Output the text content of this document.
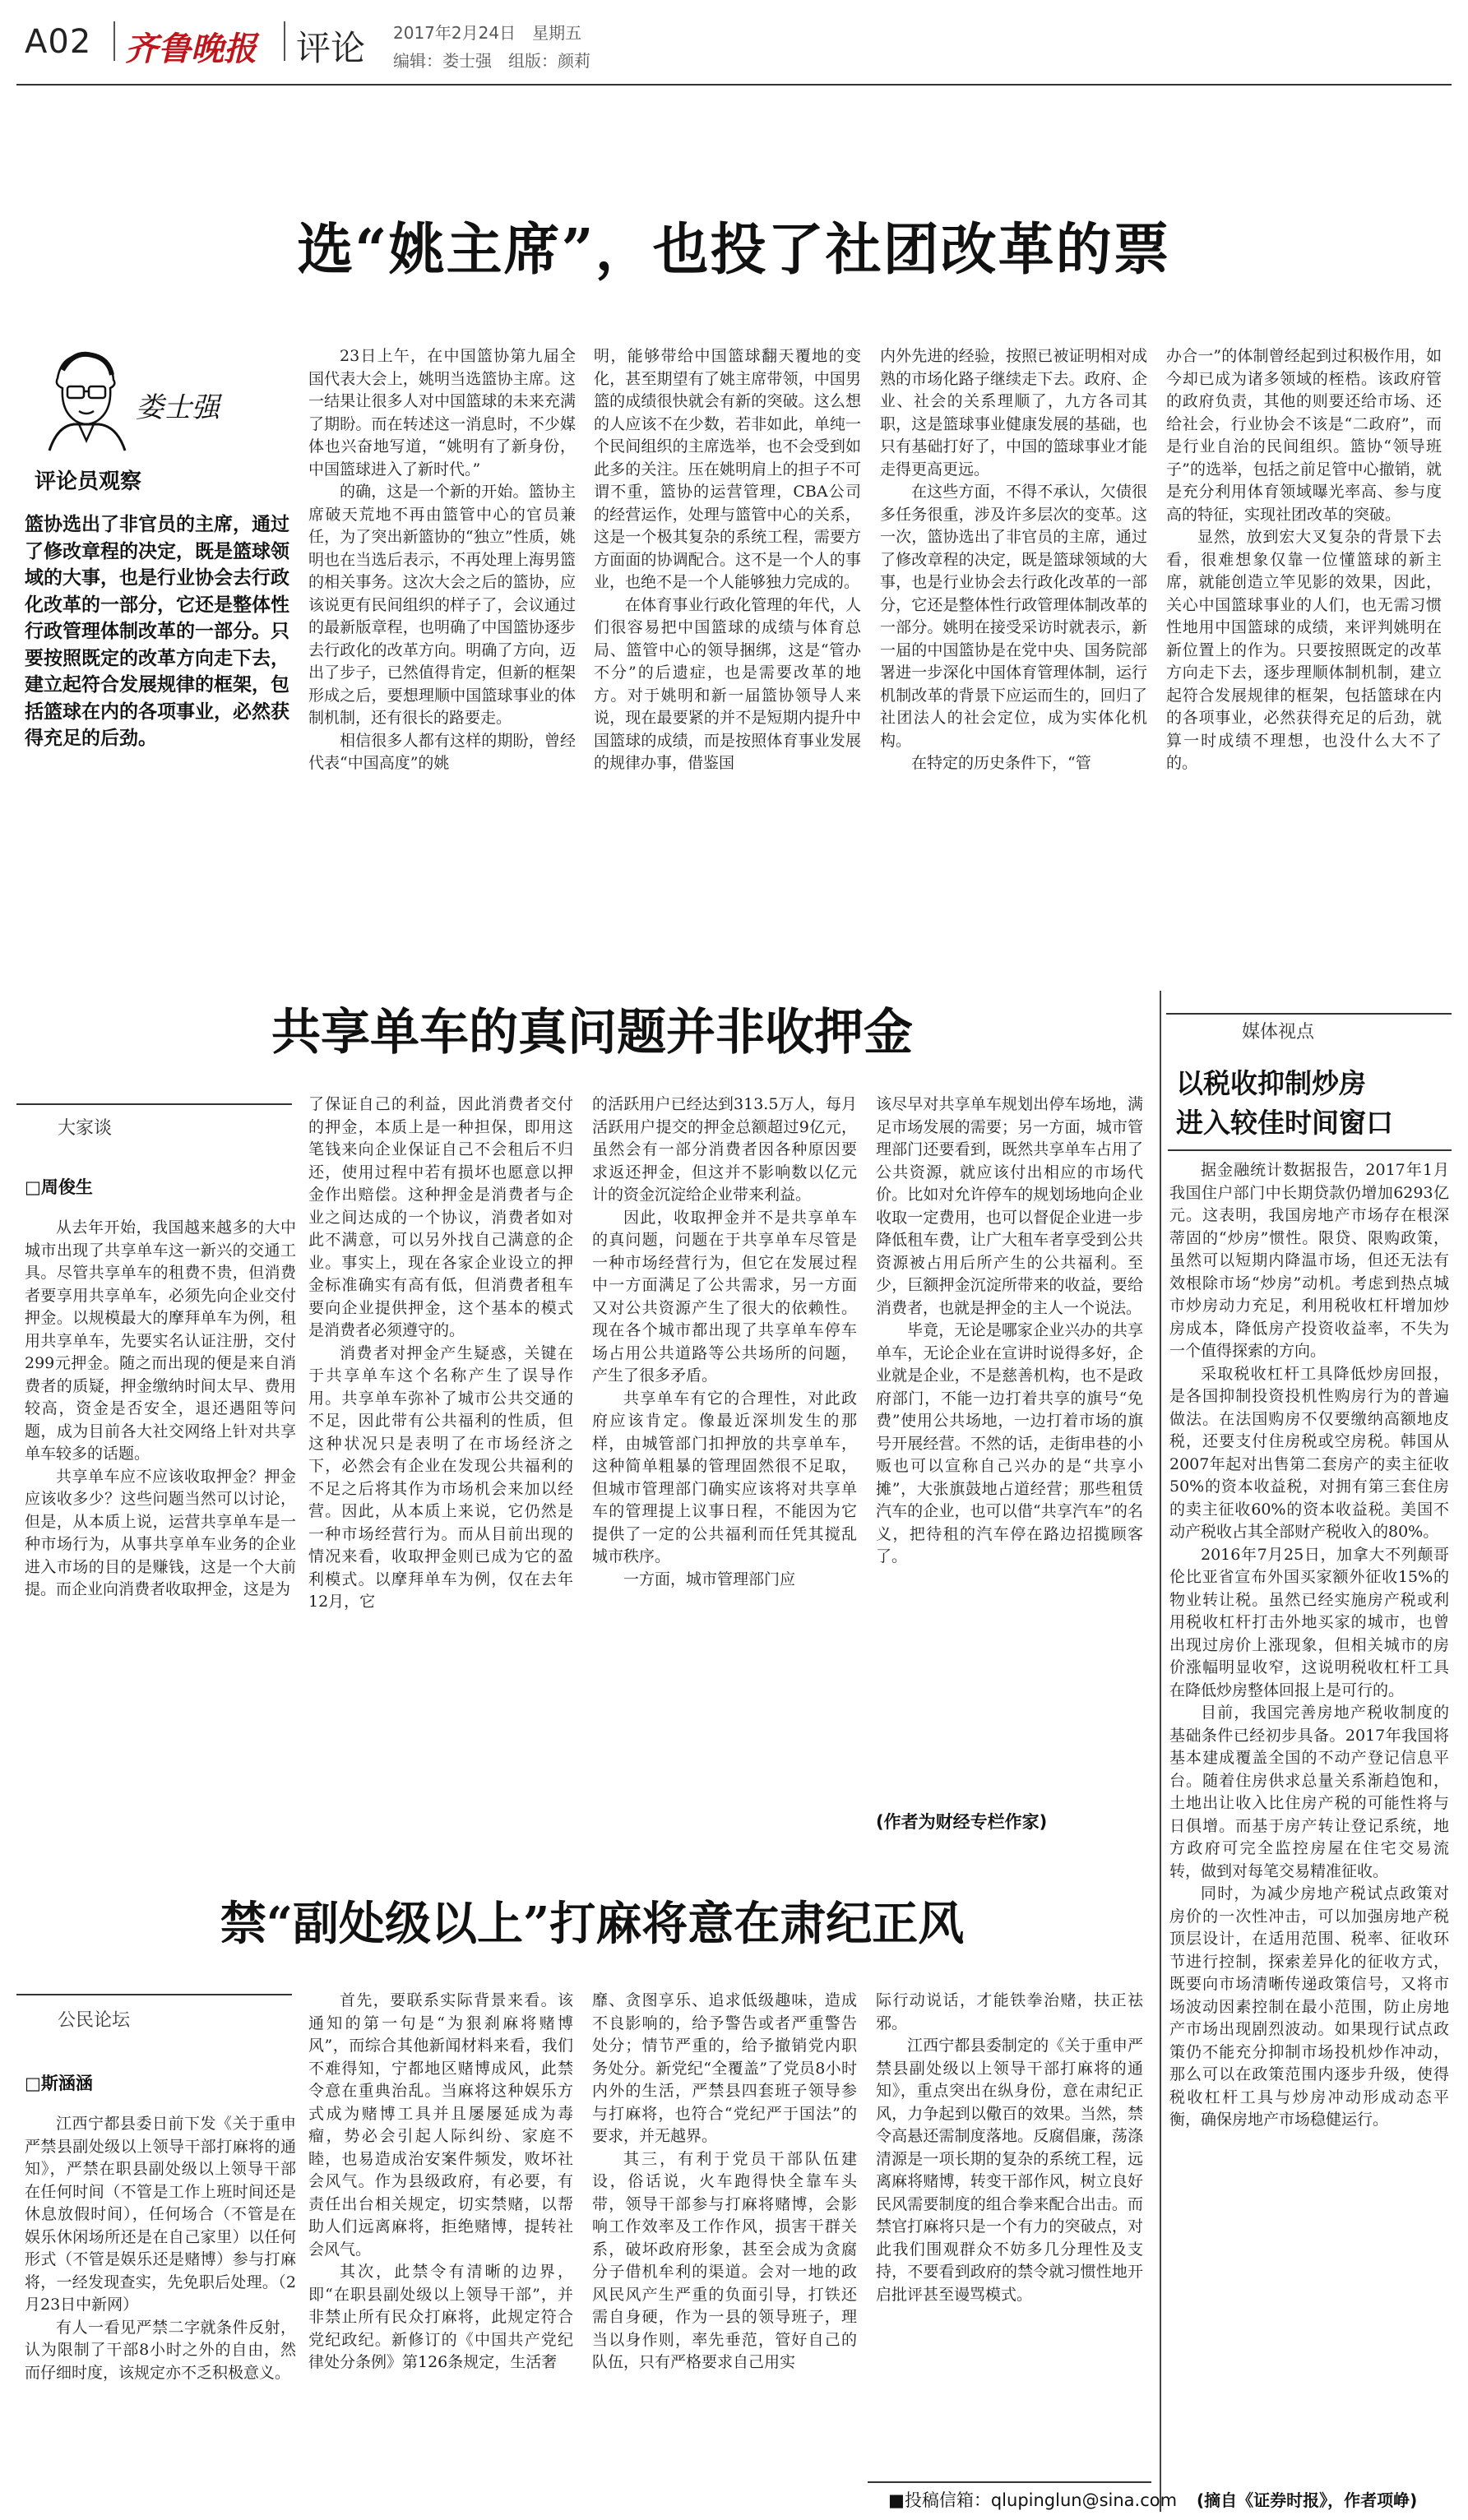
A02 齐鲁晚报 评论 2017年2月24日　星期五
编辑：娄士强　组版：颜莉
选“姚主席”，也投了社团改革的票
娄士强
评论员观察
篮协选出了非官员的主席，通过了修改章程的决定，既是篮球领域的大事，也是行业协会去行政化改革的一部分，它还是整体性行政管理体制改革的一部分。只要按照既定的改革方向走下去，建立起符合发展规律的框架，包括篮球在内的各项事业，必然获得充足的后劲。

23日上午，在中国篮协第九届全国代表大会上，姚明当选篮协主席。这一结果让很多人对中国篮球的未来充满了期盼。而在转述这一消息时，不少媒体也兴奋地写道，“姚明有了新身份，中国篮球进入了新时代。”

的确，这是一个新的开始。篮协主席破天荒地不再由篮管中心的官员兼任，为了突出新篮协的“独立”性质，姚明也在当选后表示，不再处理上海男篮的相关事务。这次大会之后的篮协，应该说更有民间组织的样子了，会议通过的最新版章程，也明确了中国篮协逐步去行政化的改革方向。明确了方向，迈出了步子，已然值得肯定，但新的框架形成之后，要想理顺中国篮球事业的体制机制，还有很长的路要走。

相信很多人都有这样的期盼，曾经代表“中国高度”的姚

明，能够带给中国篮球翻天覆地的变化，甚至期望有了姚主席带领，中国男篮的成绩很快就会有新的突破。这么想的人应该不在少数，若非如此，单纯一个民间组织的主席选举，也不会受到如此多的关注。压在姚明肩上的担子不可谓不重，篮协的运营管理，CBA公司的经营运作，处理与篮管中心的关系，这是一个极其复杂的系统工程，需要方方面面的协调配合。这不是一个人的事业，也绝不是一个人能够独力完成的。

在体育事业行政化管理的年代，人们很容易把中国篮球的成绩与体育总局、篮管中心的领导捆绑，这是“管办不分”的后遗症，也是需要改革的地方。对于姚明和新一届篮协领导人来说，现在最要紧的并不是短期内提升中国篮球的成绩，而是按照体育事业发展的规律办事，借鉴国

内外先进的经验，按照已被证明相对成熟的市场化路子继续走下去。政府、企业、社会的关系理顺了，九方各司其职，这是篮球事业健康发展的基础，也只有基础打好了，中国的篮球事业才能走得更高更远。

在这些方面，不得不承认，欠债很多任务很重，涉及许多层次的变革。这一次，篮协选出了非官员的主席，通过了修改章程的决定，既是篮球领域的大事，也是行业协会去行政化改革的一部分，它还是整体性行政管理体制改革的一部分。姚明在接受采访时就表示，新一届的中国篮协是在党中央、国务院部署进一步深化中国体育管理体制，运行机制改革的背景下应运而生的，回归了社团法人的社会定位，成为实体化机构。

在特定的历史条件下，“管

办合一”的体制曾经起到过积极作用，如今却已成为诸多领域的桎梏。该政府管的政府负责，其他的则要还给市场、还给社会，行业协会不该是“二政府”，而是行业自治的民间组织。篮协“领导班子”的选举，包括之前足管中心撤销，就是充分利用体育领域曝光率高、参与度高的特征，实现社团改革的突破。

显然，放到宏大叉复杂的背景下去看，很难想象仅靠一位懂篮球的新主席，就能创造立竿见影的效果，因此，关心中国篮球事业的人们，也无需习惯性地用中国篮球的成绩，来评判姚明在新位置上的作为。只要按照既定的改革方向走下去，逐步理顺体制机制，建立起符合发展规律的框架，包括篮球在内的各项事业，必然获得充足的后劲，就算一时成绩不理想，也没什么大不了的。

媒体视点
以税收抑制炒房
进入较佳时间窗口

据金融统计数据报告，2017年1月我国住户部门中长期贷款仍增加6293亿元。这表明，我国房地产市场存在根深蒂固的“炒房”惯性。限贷、限购政策，虽然可以短期内降温市场，但还无法有效根除市场“炒房”动机。考虑到热点城市炒房动力充足，利用税收杠杆增加炒房成本，降低房产投资收益率，不失为一个值得探索的方向。

采取税收杠杆工具降低炒房回报，是各国抑制投资投机性购房行为的普遍做法。在法国购房不仅要缴纳高额地皮税，还要支付住房税或空房税。韩国从2007年起对出售第二套房产的卖主征收50%的资本收益税，对拥有第三套住房的卖主征收60%的资本收益税。美国不动产税收占其全部财产税收入的80%。

2016年7月25日，加拿大不列颠哥伦比亚省宣布外国买家额外征收15%的物业转让税。虽然已经实施房产税或利用税收杠杆打击外地买家的城市，也曾出现过房价上涨现象，但相关城市的房价涨幅明显收窄，这说明税收杠杆工具在降低炒房整体回报上是可行的。

目前，我国完善房地产税收制度的基础条件已经初步具备。2017年我国将基本建成覆盖全国的不动产登记信息平台。随着住房供求总量关系渐趋饱和，土地出让收入比住房产税的可能性将与日俱增。而基于房产转让登记系统，地方政府可完全监控房屋在住宅交易流转，做到对每笔交易精准征收。

同时，为减少房地产税试点政策对房价的一次性冲击，可以加强房地产税顶层设计，在适用范围、税率、征收环节进行控制，探索差异化的征收方式，既要向市场清晰传递政策信号，又将市场波动因素控制在最小范围，防止房地产市场出现剧烈波动。如果现行试点政策仍不能充分抑制市场投机炒作冲动，那么可以在政策范围内逐步升级，使得税收杠杆工具与炒房冲动形成动态平衡，确保房地产市场稳健运行。

(摘自《证券时报》，作者项峥)
共享单车的真问题并非收押金
大家谈
□周俊生

从去年开始，我国越来越多的大中城市出现了共享单车这一新兴的交通工具。尽管共享单车的租费不贵，但消费者要享用共享单车，必须先向企业交付押金。以规模最大的摩拜单车为例，租用共享单车，先要实名认证注册，交付299元押金。随之而出现的便是来自消费者的质疑，押金缴纳时间太早、费用较高，资金是否安全，退还遇阻等问题，成为目前各大社交网络上针对共享单车较多的话题。

共享单车应不应该收取押金？押金应该收多少？这些问题当然可以讨论，但是，从本质上说，运营共享单车是一种市场行为，从事共享单车业务的企业进入市场的目的是赚钱，这是一个大前提。而企业向消费者收取押金，这是为

了保证自己的利益，因此消费者交付的押金，本质上是一种担保，即用这笔钱来向企业保证自己不会租后不归还，使用过程中若有损坏也愿意以押金作出赔偿。这种押金是消费者与企业之间达成的一个协议，消费者如对此不满意，可以另外找自己满意的企业。事实上，现在各家企业设立的押金标准确实有高有低，但消费者租车要向企业提供押金，这个基本的模式是消费者必须遵守的。

消费者对押金产生疑惑，关键在于共享单车这个名称产生了误导作用。共享单车弥补了城市公共交通的不足，因此带有公共福利的性质，但这种状况只是表明了在市场经济之下，必然会有企业在发现公共福利的不足之后将其作为市场机会来加以经营。因此，从本质上来说，它仍然是一种市场经营行为。而从目前出现的情况来看，收取押金则已成为它的盈利模式。以摩拜单车为例，仅在去年12月，它

的活跃用户已经达到313.5万人，每月活跃用户提交的押金总额超过9亿元，虽然会有一部分消费者因各种原因要求返还押金，但这并不影响数以亿元计的资金沉淀给企业带来利益。

因此，收取押金并不是共享单车的真问题，问题在于共享单车尽管是一种市场经营行为，但它在发展过程中一方面满足了公共需求，另一方面又对公共资源产生了很大的依赖性。现在各个城市都出现了共享单车停车场占用公共道路等公共场所的问题，产生了很多矛盾。

共享单车有它的合理性，对此政府应该肯定。像最近深圳发生的那样，由城管部门扣押放的共享单车，这种简单粗暴的管理固然很不足取，但城市管理部门确实应该将对共享单车的管理提上议事日程，不能因为它提供了一定的公共福利而任凭其搅乱城市秩序。

一方面，城市管理部门应

该尽早对共享单车规划出停车场地，满足市场发展的需要；另一方面，城市管理部门还要看到，既然共享单车占用了公共资源，就应该付出相应的市场代价。比如对允许停车的规划场地向企业收取一定费用，也可以督促企业进一步降低租车费，让广大租车者享受到公共资源被占用后所产生的公共福利。至少，巨额押金沉淀所带来的收益，要给消费者，也就是押金的主人一个说法。

毕竟，无论是哪家企业兴办的共享单车，无论企业在宣讲时说得多好，企业就是企业，不是慈善机构，也不是政府部门，不能一边打着共享的旗号“免费”使用公共场地，一边打着市场的旗号开展经营。不然的话，走街串巷的小贩也可以宣称自己兴办的是“共享小摊”，大张旗鼓地占道经营；那些租赁汽车的企业，也可以借“共享汽车”的名义，把待租的汽车停在路边招揽顾客了。

(作者为财经专栏作家)
禁“副处级以上”打麻将意在肃纪正风
公民论坛
□斯涵涵

江西宁都县委日前下发《关于重申严禁县副处级以上领导干部打麻将的通知》，严禁在职县副处级以上领导干部在任何时间（不管是工作上班时间还是休息放假时间），任何场合（不管是在娱乐休闲场所还是在自己家里）以任何形式（不管是娱乐还是赌博）参与打麻将，一经发现查实，先免职后处理。（2月23日中新网）

有人一看见严禁二字就条件反射，认为限制了干部8小时之外的自由，然而仔细时度，该规定亦不乏积极意义。

首先，要联系实际背景来看。该通知的第一句是“为狠刹麻将赌博风”，而综合其他新闻材料来看，我们不难得知，宁都地区赌博成风，此禁令意在重典治乱。当麻将这种娱乐方式成为赌博工具并且屡屡延成为毒瘤，势必会引起人际纠纷、家庭不睦，也易造成治安案件频发，败坏社会风气。作为县级政府，有必要，有责任出台相关规定，切实禁赌，以帮助人们远离麻将，拒绝赌博，提转社会风气。

其次，此禁令有清晰的边界，即“在职县副处级以上领导干部”，并非禁止所有民众打麻将，此规定符合党纪政纪。新修订的《中国共产党纪律处分条例》第126条规定，生活奢

靡、贪图享乐、追求低级趣味，造成不良影响的，给予警告或者严重警告处分；情节严重的，给予撤销党内职务处分。新党纪“全覆盖”了党员8小时内外的生活，严禁县四套班子领导参与打麻将，也符合“党纪严于国法”的要求，并无越界。

其三，有利于党员干部队伍建设，俗话说，火车跑得快全靠车头带，领导干部参与打麻将赌博，会影响工作效率及工作作风，损害干群关系，破坏政府形象，甚至会成为贪腐分子借机牟利的渠道。会对一地的政风民风产生严重的负面引导，打铁还需自身硬，作为一县的领导班子，理当以身作则，率先垂范，管好自己的队伍，只有严格要求自己用实

际行动说话，才能铁拳治赌，扶正祛邪。

江西宁都县委制定的《关于重申严禁县副处级以上领导干部打麻将的通知》，重点突出在纵身份，意在肃纪正风，力争起到以儆百的效果。当然，禁令高悬还需制度落地。反腐倡廉，荡涤清源是一项长期的复杂的系统工程，远离麻将赌博，转变干部作风，树立良好民风需要制度的组合拳来配合出击。而禁官打麻将只是一个有力的突破点，对此我们围观群众不妨多几分理性及支持，不要看到政府的禁令就习惯性地开启批评甚至谩骂模式。

■投稿信箱：qlupinglun@sina.com
